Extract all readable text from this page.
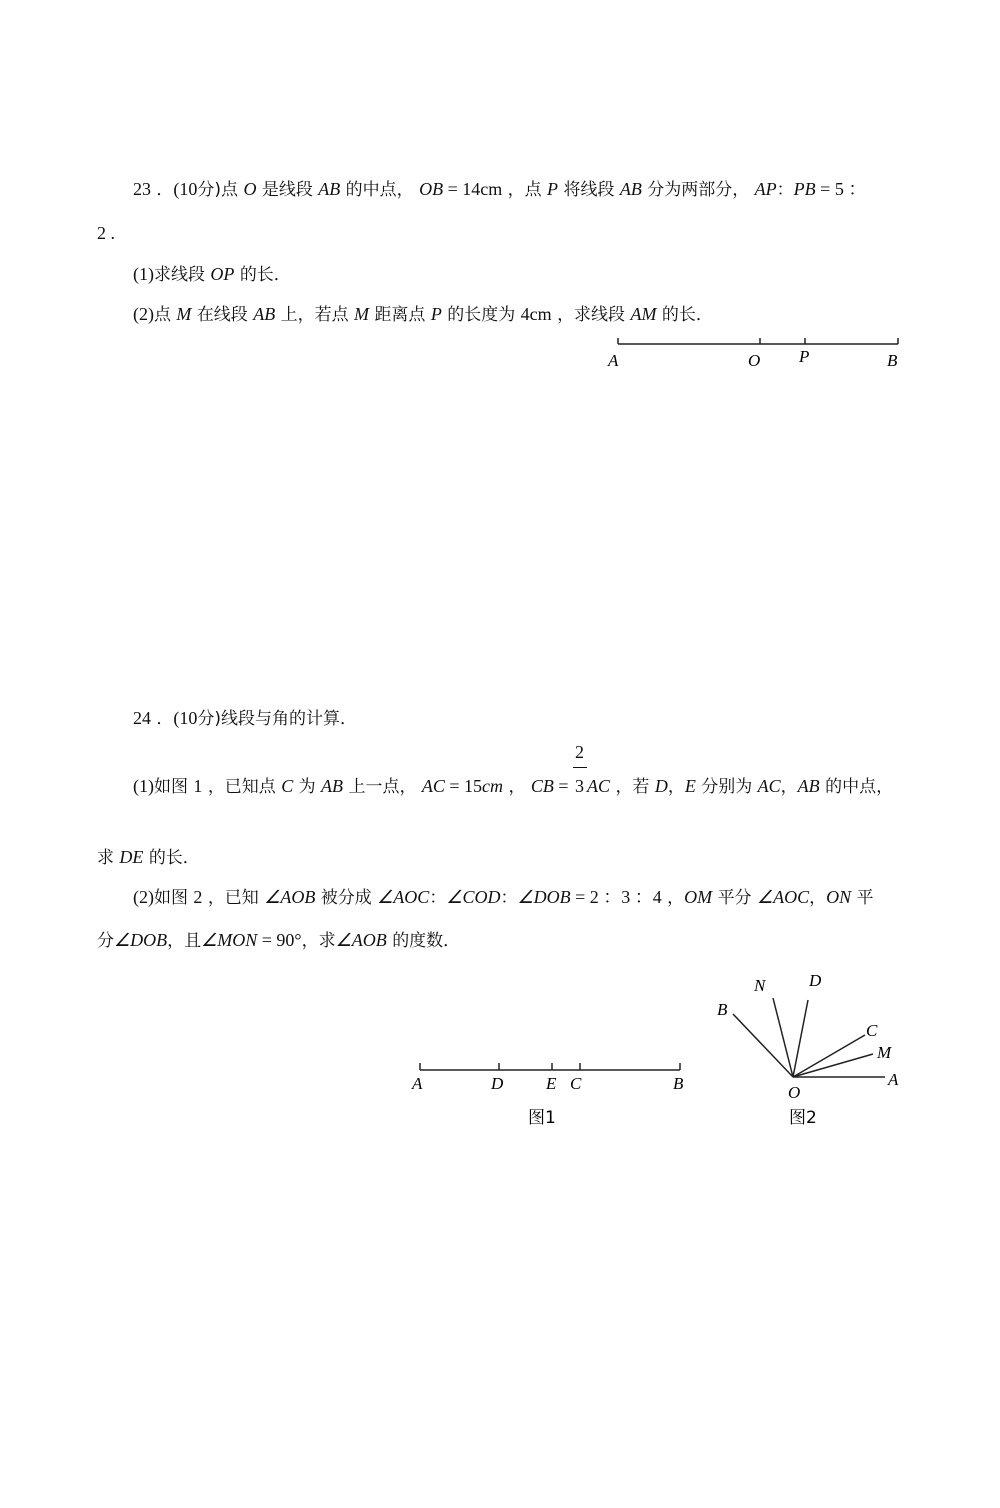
23 ．(10分)点 O 是线段 AB 的中点， OB = 14cm ，点 P 将线段 AB 分为两部分， AP：PB = 5 ：
2 .
(1)求线段 OP 的长．
(2)点 M 在线段 AB 上，若点 M 距离点 P 的长度为 4cm ，求线段 AM 的长．
A	O P	B
24 ．(10分)线段与角的计算．
(1)如图 1 ，已知点 C 为 AB 上一点， AC = 15cm ， CB = $\frac{2}{3}$ AC ，若 D，E 分别为 AC，AB 的中点，
求 DE 的长．
(2)如图 2 ，已知 ∠AOB 被分成 ∠AOC：∠COD：∠DOB = 2 ：3 ：4 ，OM 平分 ∠AOC，ON 平
分∠DOB，且∠MON = 90°，求∠AOB 的度数．
A	D	E C	B
图1
N	D
B
C
M
O
A
图2
